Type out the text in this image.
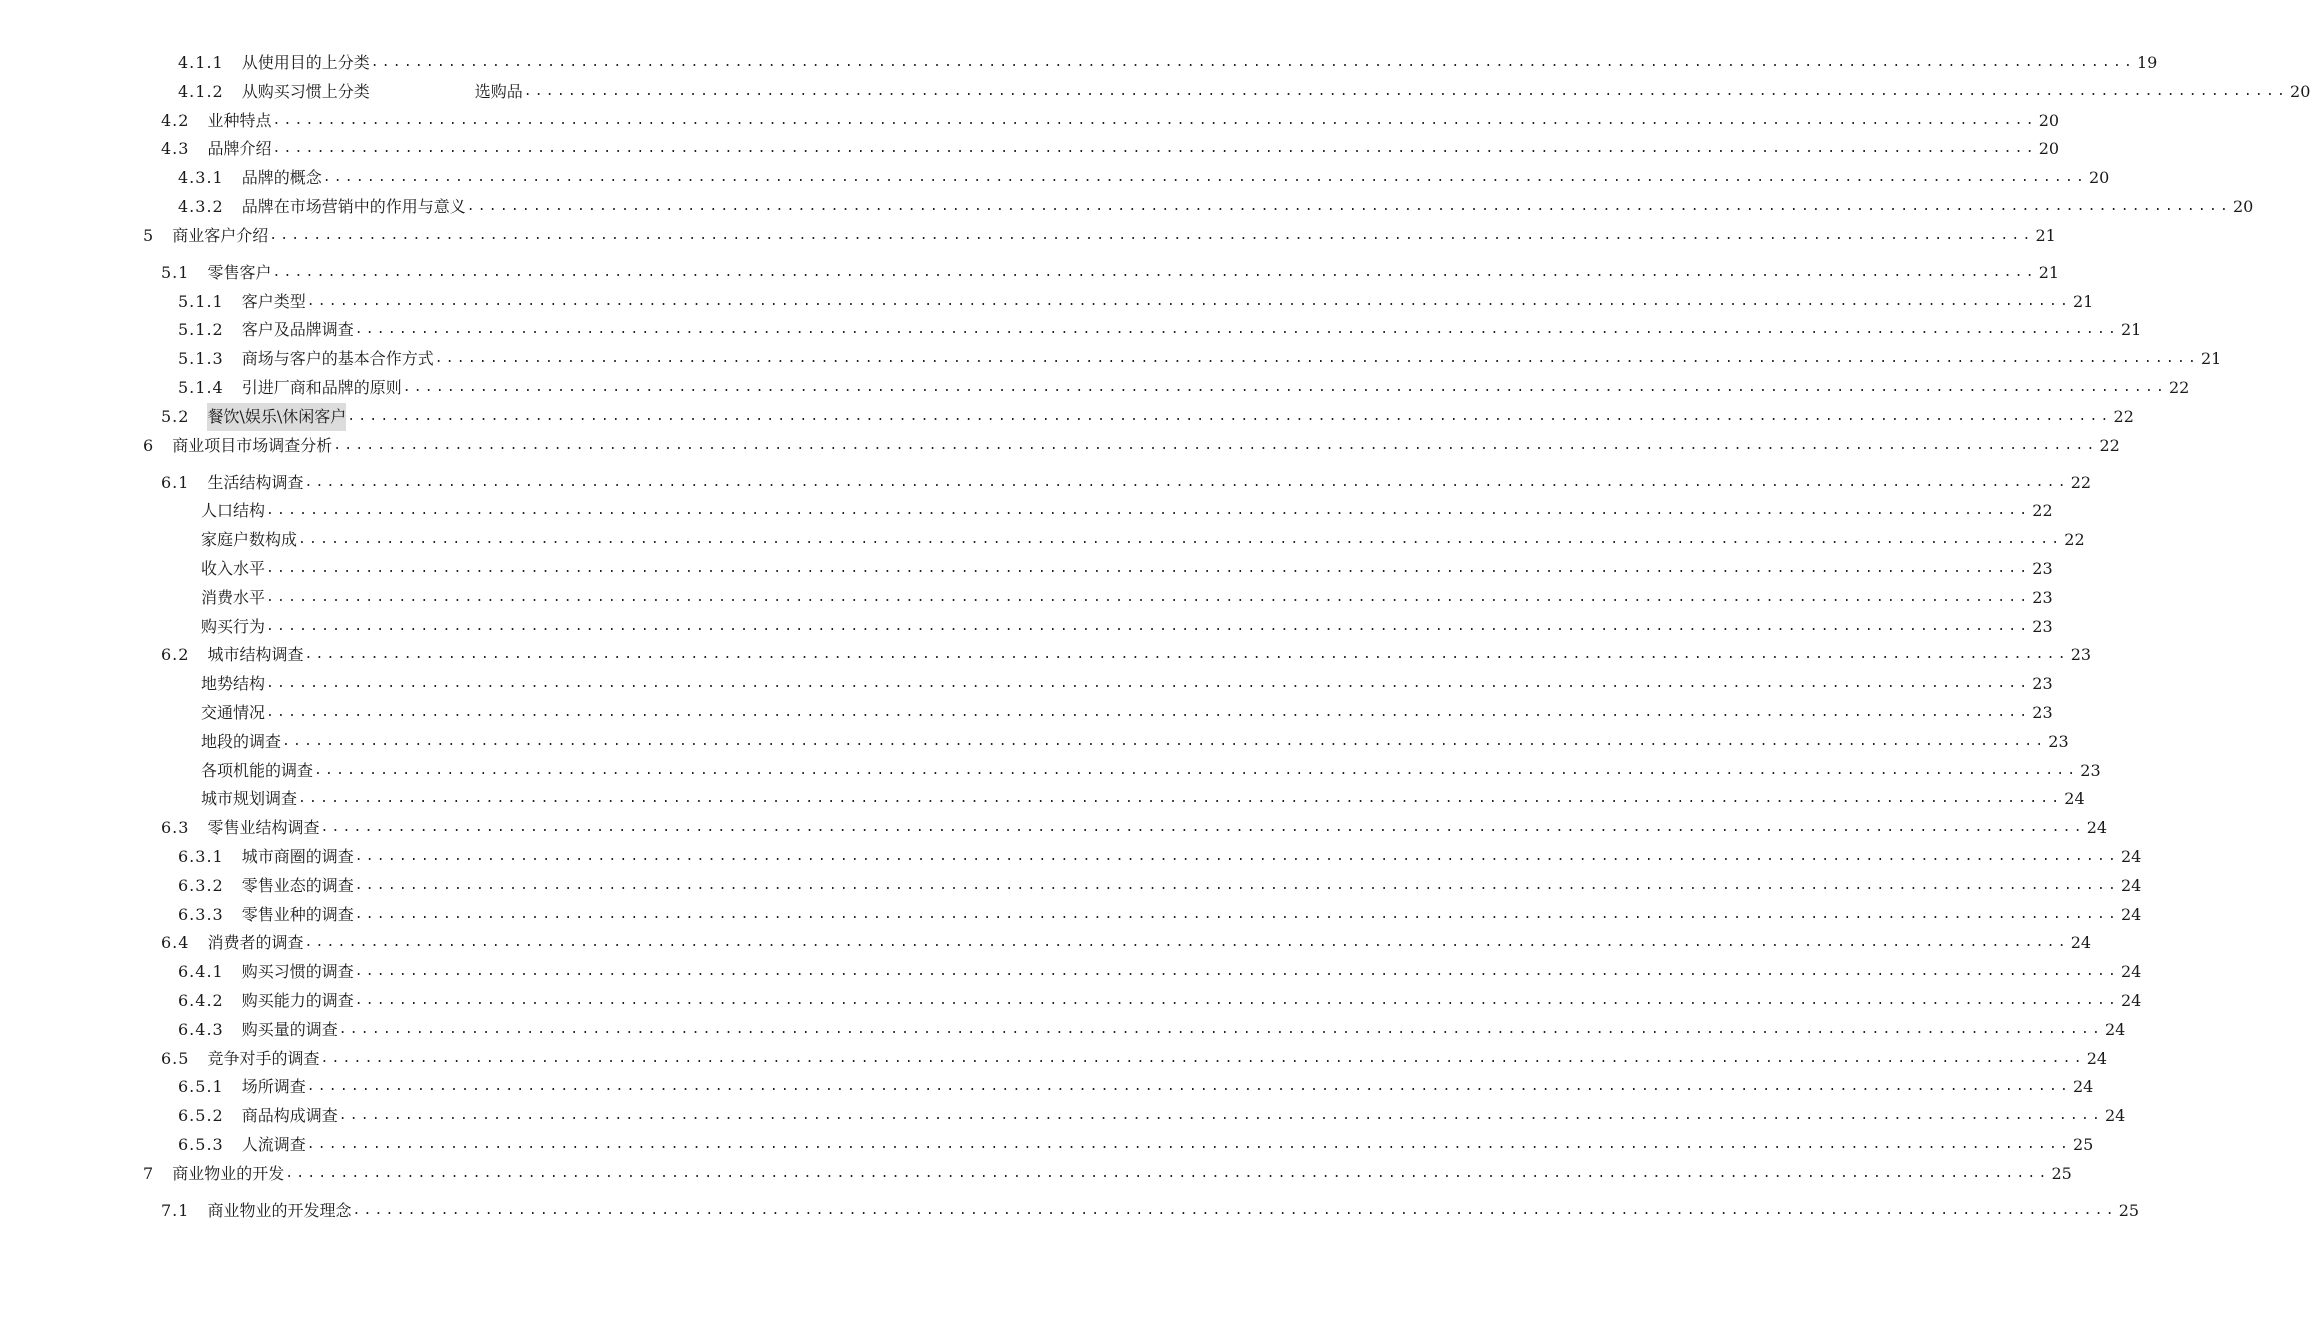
4.1.1 从使用目的上分类 ................................................................................................................................................................ 19
4.1.2 从购买习惯上分类	选购品 ................................................................................................................................................................ 20
4.2 业种特点 ................................................................................................................................................................ 20
4.3 品牌介绍 ................................................................................................................................................................ 20
4.3.1 品牌的概念 ................................................................................................................................................................ 20
4.3.2 品牌在市场营销中的作用与意义 ................................................................................................................................................................ 20
5 商业客户介绍 ................................................................................................................................................................ 21
5.1 零售客户 ................................................................................................................................................................ 21
5.1.1 客户类型 ................................................................................................................................................................ 21
5.1.2 客户及品牌调查 ................................................................................................................................................................ 21
5.1.3 商场与客户的基本合作方式 ................................................................................................................................................................ 21
5.1.4 引进厂商和品牌的原则 ................................................................................................................................................................ 22
5.2 餐饮\娱乐\休闲客户 ................................................................................................................................................................ 22
6 商业项目市场调查分析 ................................................................................................................................................................ 22
6.1 生活结构调查 ................................................................................................................................................................ 22
人口结构 ................................................................................................................................................................ 22
家庭户数构成 ................................................................................................................................................................ 22
收入水平 ................................................................................................................................................................ 23
消费水平 ................................................................................................................................................................ 23
购买行为 ................................................................................................................................................................ 23
6.2 城市结构调查 ................................................................................................................................................................ 23
地势结构 ................................................................................................................................................................ 23
交通情况 ................................................................................................................................................................ 23
地段的调查 ................................................................................................................................................................ 23
各项机能的调查 ................................................................................................................................................................ 23
城市规划调查 ................................................................................................................................................................ 24
6.3 零售业结构调查 ................................................................................................................................................................ 24
6.3.1 城市商圈的调查 ................................................................................................................................................................ 24
6.3.2 零售业态的调查 ................................................................................................................................................................ 24
6.3.3 零售业种的调查 ................................................................................................................................................................ 24
6.4 消费者的调查 ................................................................................................................................................................ 24
6.4.1 购买习惯的调查 ................................................................................................................................................................ 24
6.4.2 购买能力的调查 ................................................................................................................................................................ 24
6.4.3 购买量的调查 ................................................................................................................................................................ 24
6.5 竞争对手的调查 ................................................................................................................................................................ 24
6.5.1 场所调查 ................................................................................................................................................................ 24
6.5.2 商品构成调查 ................................................................................................................................................................ 24
6.5.3 人流调查 ................................................................................................................................................................ 25
7 商业物业的开发 ................................................................................................................................................................ 25
7.1 商业物业的开发理念 ................................................................................................................................................................ 25
